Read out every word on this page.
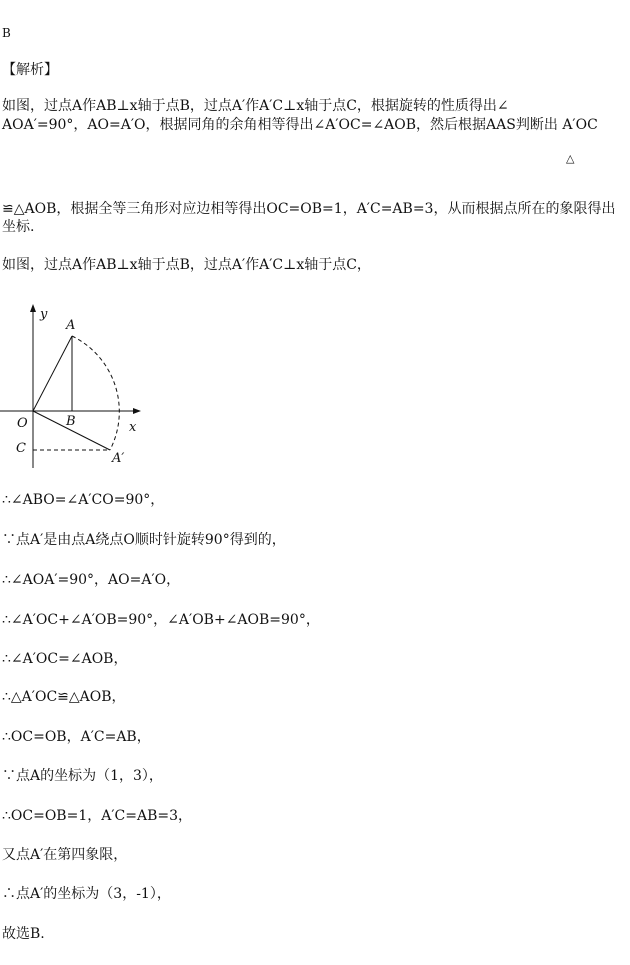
B
【解析】
如图，过点A作AB⊥x轴于点B，过点A′作A′C⊥x轴于点C，根据旋转的性质得出∠
AOA′=90°，AO=A′O，根据同角的余角相等得出∠A′OC=∠AOB，然后根据AAS判断出 A′OC
△
≌△AOB，根据全等三角形对应边相等得出OC=OB=1，A′C=AB=3，从而根据点所在的象限得出
坐标.
如图，过点A作AB⊥x轴于点B，过点A′作A′C⊥x轴于点C，
y
A
O	B	x
C
A′
∴∠ABO=∠A′CO=90°，
∵点A′是由点A绕点O顺时针旋转90°得到的，
∴∠AOA′=90°，AO=A′O，
∴∠A′OC+∠A′OB=90°，∠A′OB+∠AOB=90°，
∴∠A′OC=∠AOB，
∴△A′OC≌△AOB，
∴OC=OB，A′C=AB，
∵点A的坐标为（1，3），
∴OC=OB=1，A′C=AB=3，
又点A′在第四象限，
∴点A′的坐标为（3，-1），
故选B.
